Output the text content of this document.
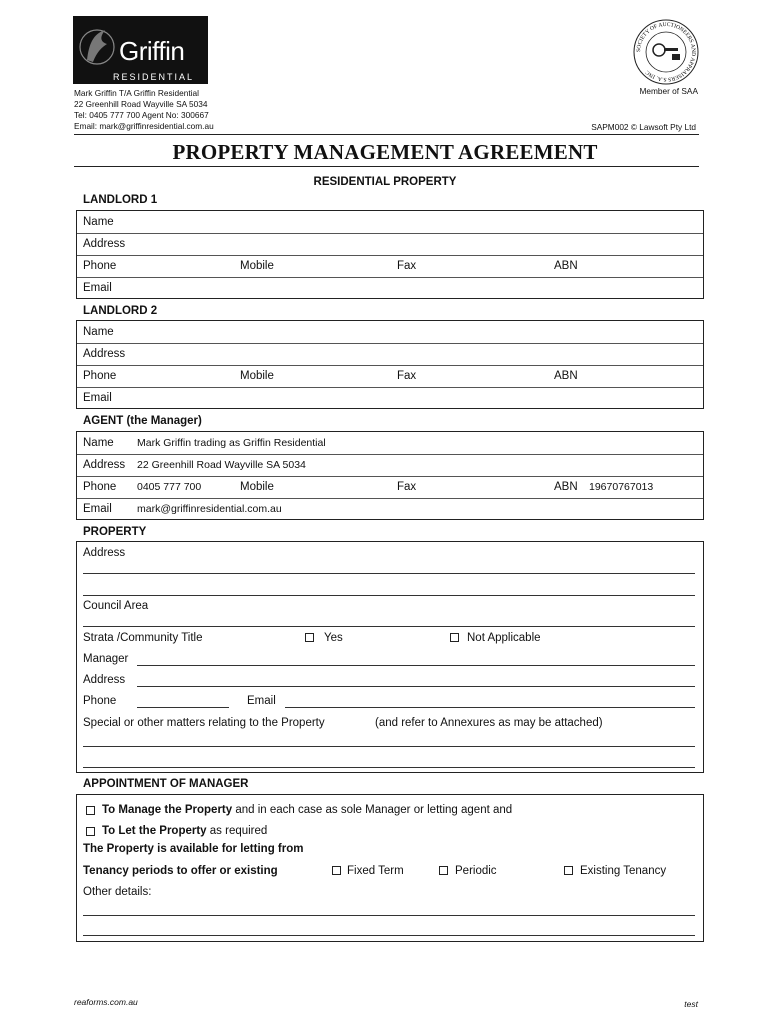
Griffin
RESIDENTIAL
Mark Griffin T/A Griffin Residential
22 Greenhill Road Wayville SA 5034
Tel: 0405 777 700 Agent No: 300667
Email: mark@griffinresidential.com.au
SOCIETY OF AUCTIONEERS AND APPRAISERS S.A. INC
Member of SAA
SAPM002 © Lawsoft Pty Ltd
PROPERTY MANAGEMENT AGREEMENT
RESIDENTIAL PROPERTY
LANDLORD 1
Name
Address
Phone	Mobile	Fax	ABN
Email
LANDLORD 2
Name
Address
Phone	Mobile	Fax	ABN
Email
AGENT (the Manager)
Name Mark Griffin trading as Griffin Residential
Address 22 Greenhill Road Wayville SA 5034
Phone 0405 777 700	Mobile	Fax	ABN 19670767013
Email mark@griffinresidential.com.au
PROPERTY
Address
Council Area
Strata /Community Title	Yes	Not Applicable
Manager
Address
Phone	Email
Special or other matters relating to the Property	(and refer to Annexures as may be attached)
APPOINTMENT OF MANAGER
To Manage the Property and in each case as sole Manager or letting agent and
To Let the Property as required
The Property is available for letting from
Tenancy periods to offer or existing	Fixed Term	Periodic	Existing Tenancy
Other details:
reaforms.com.au	test
